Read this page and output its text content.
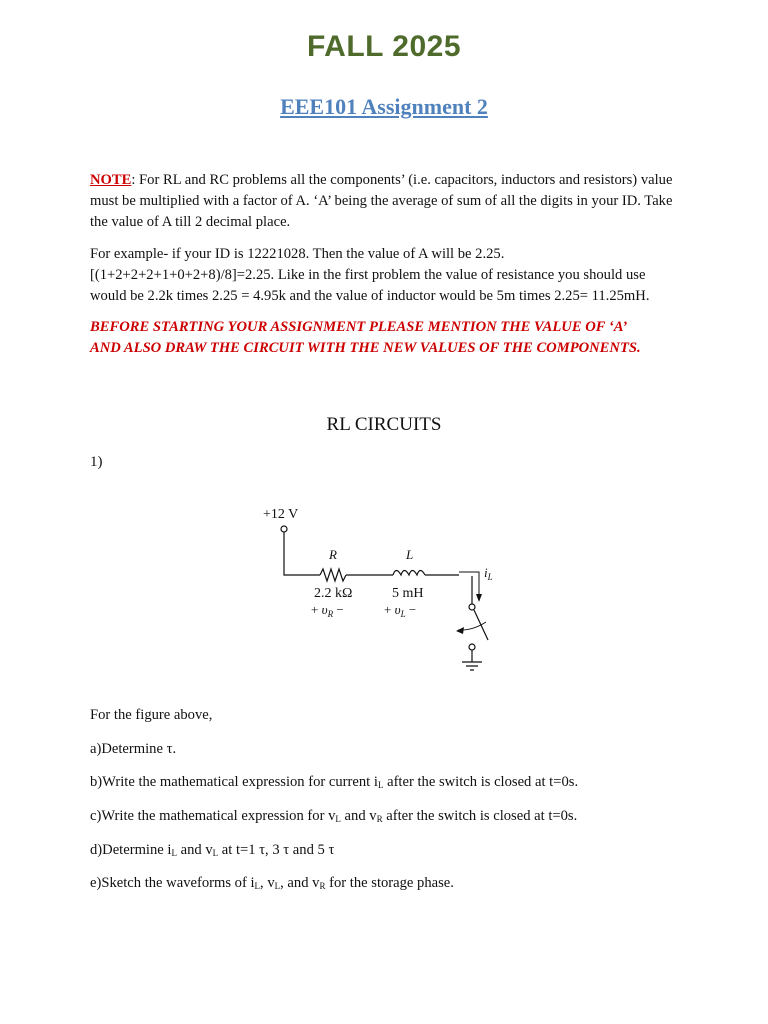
FALL 2025
EEE101 Assignment 2
NOTE: For RL and RC problems all the components’ (i.e. capacitors, inductors and resistors) value must be multiplied with a factor of A. ‘A’ being the average of sum of all the digits in your ID. Take the value of A till 2 decimal place.
For example- if your ID is 12221028. Then the value of A will be 2.25.
[(1+2+2+2+1+0+2+8)/8]=2.25. Like in the first problem the value of resistance you should use
would be 2.2k times 2.25 = 4.95k and the value of inductor would be 5m times 2.25= 11.25mH.
BEFORE STARTING YOUR ASSIGNMENT PLEASE MENTION THE VALUE OF ‘A’
AND ALSO DRAW THE CIRCUIT WITH THE NEW VALUES OF THE COMPONENTS.
RL CIRCUITS
1)
+12 V
R
2.2 kΩ
+ $\upsilon_R$ −
L
5 mH
+ $\upsilon_L$ −
$i_L$
For the figure above,
a)Determine τ.
b)Write the mathematical expression for current $i_L$ after the switch is closed at t=0s.
c)Write the mathematical expression for $v_L$ and $v_R$ after the switch is closed at t=0s.
d)Determine $i_L$ and $v_L$ at t=1 τ, 3 τ and 5 τ
e)Sketch the waveforms of $i_L$, $v_L$, and $v_R$ for the storage phase.
